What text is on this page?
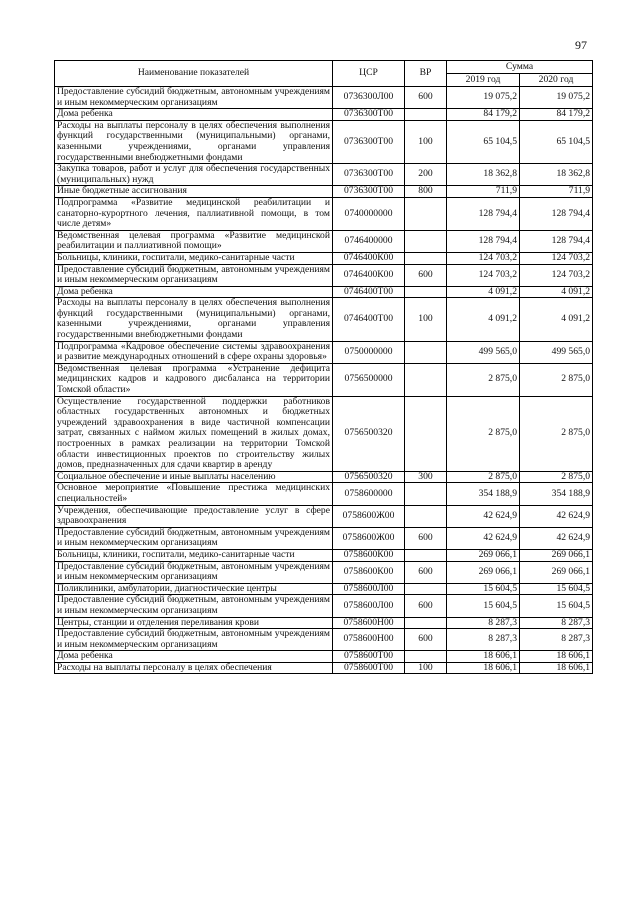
97
Наименование показателей	ЦСР	ВР	Сумма	
			2019 год	2020 год
Предоставление субсидий бюджетным, автономным учреждениям и иным некоммерческим организациям	0736300Л00	600	19 075,2	19 075,2
Дома ребенка	0736300Т00		84 179,2	84 179,2
Расходы на выплаты персоналу в целях обеспечения выполнения функций государственными (муниципальными) органами, казенными учреждениями, органами управления государственными внебюджетными фондами	0736300Т00	100	65 104,5	65 104,5
Закупка товаров, работ и услуг для обеспечения государственных (муниципальных) нужд	0736300Т00	200	18 362,8	18 362,8
Иные бюджетные ассигнования	0736300Т00	800	711,9	711,9
Подпрограмма «Развитие медицинской реабилитации и санаторно-курортного лечения, паллиативной помощи, в том числе детям»	0740000000		128 794,4	128 794,4
Ведомственная целевая программа «Развитие медицинской реабилитации и паллиативной помощи»	0746400000		128 794,4	128 794,4
Больницы, клиники, госпитали, медико-санитарные части	0746400К00		124 703,2	124 703,2
Предоставление субсидий бюджетным, автономным учреждениям и иным некоммерческим организациям	0746400К00	600	124 703,2	124 703,2
Дома ребенка	0746400Т00		4 091,2	4 091,2
Расходы на выплаты персоналу в целях обеспечения выполнения функций государственными (муниципальными) органами, казенными учреждениями, органами управления государственными внебюджетными фондами	0746400Т00	100	4 091,2	4 091,2
Подпрограмма «Кадровое обеспечение системы здравоохранения и развитие международных отношений в сфере охраны здоровья»	0750000000		499 565,0	499 565,0
Ведомственная целевая программа «Устранение дефицита медицинских кадров и кадрового дисбаланса на территории Томской области»	0756500000		2 875,0	2 875,0
Осуществление государственной поддержки работников областных государственных автономных и бюджетных учреждений здравоохранения в виде частичной компенсации затрат, связанных с наймом жилых помещений в жилых домах, построенных в рамках реализации на территории Томской области инвестиционных проектов по строительству жилых домов, предназначенных для сдачи квартир в аренду	0756500320		2 875,0	2 875,0
Социальное обеспечение и иные выплаты населению	0756500320	300	2 875,0	2 875,0
Основное мероприятие «Повышение престижа медицинских специальностей»	0758600000		354 188,9	354 188,9
Учреждения, обеспечивающие предоставление услуг в сфере здравоохранения	0758600Ж00		42 624,9	42 624,9
Предоставление субсидий бюджетным, автономным учреждениям и иным некоммерческим организациям	0758600Ж00	600	42 624,9	42 624,9
Больницы, клиники, госпитали, медико-санитарные части	0758600К00		269 066,1	269 066,1
Предоставление субсидий бюджетным, автономным учреждениям и иным некоммерческим организациям	0758600К00	600	269 066,1	269 066,1
Поликлиники, амбулатории, диагностические центры	0758600Л00		15 604,5	15 604,5
Предоставление субсидий бюджетным, автономным учреждениям и иным некоммерческим организациям	0758600Л00	600	15 604,5	15 604,5
Центры, станции и отделения переливания крови	0758600Н00		8 287,3	8 287,3
Предоставление субсидий бюджетным, автономным учреждениям и иным некоммерческим организациям	0758600Н00	600	8 287,3	8 287,3
Дома ребенка	0758600Т00		18 606,1	18 606,1
Расходы на выплаты персоналу в целях обеспечения	0758600Т00	100	18 606,1	18 606,1
